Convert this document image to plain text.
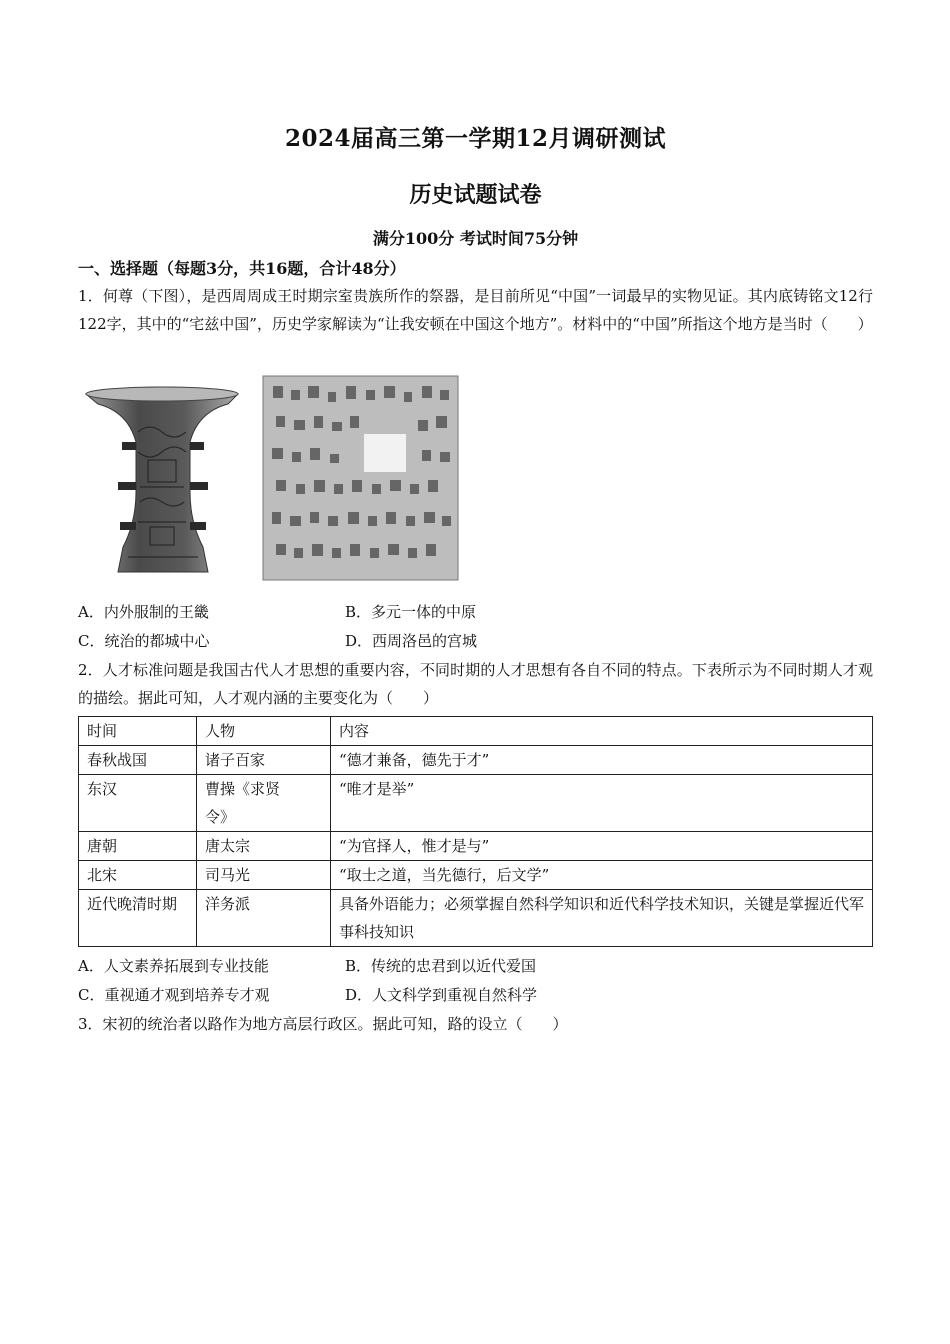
2024届高三第一学期12月调研测试
历史试题试卷
满分100分 考试时间75分钟
一、选择题（每题3分，共16题，合计48分）
1．何尊（下图），是西周周成王时期宗室贵族所作的祭器，是目前所见“中国”一词最早的实物见证。其内底铸铭文12行122字，其中的“宅兹中国”，历史学家解读为“让我安顿在中国这个地方”。材料中的“中国”所指这个地方是当时（　　）
A．内外服制的王畿	B．多元一体的中原
C．统治的都城中心	D．西周洛邑的宫城
2．人才标准问题是我国古代人才思想的重要内容，不同时期的人才思想有各自不同的特点。下表所示为不同时期人才观的描绘。据此可知，人才观内涵的主要变化为（　　）
时间	人物	内容
春秋战国	诸子百家	“德才兼备，德先于才”
东汉	曹操《求贤令》	“唯才是举”
唐朝	唐太宗	“为官择人，惟才是与”
北宋	司马光	“取士之道，当先德行，后文学”
近代晚清时期	洋务派	具备外语能力；必须掌握自然科学知识和近代科学技术知识，关键是掌握近代军事科技知识
A．人文素养拓展到专业技能	B．传统的忠君到以近代爱国
C．重视通才观到培养专才观	D．人文科学到重视自然科学
3．宋初的统治者以路作为地方高层行政区。据此可知，路的设立（　　）
